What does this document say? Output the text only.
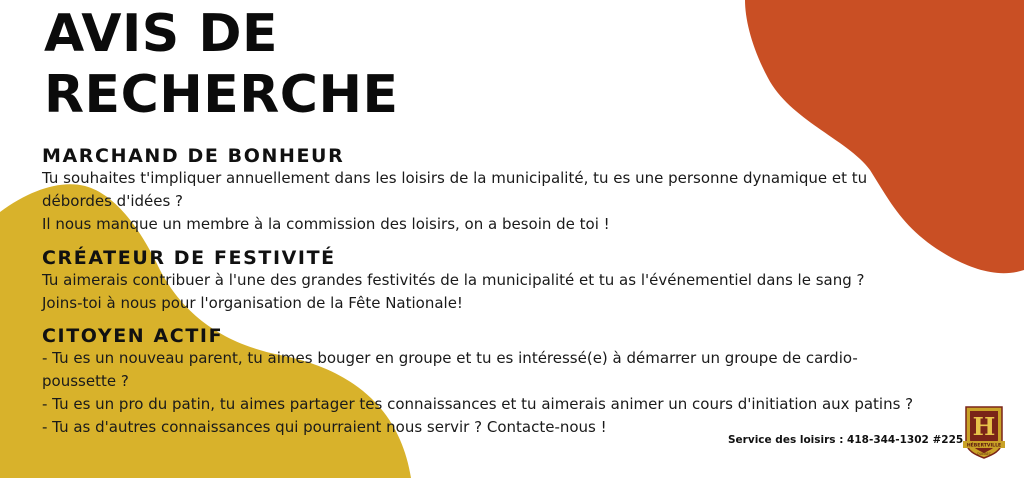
AVIS DE
RECHERCHE
MARCHAND DE BONHEUR

Tu souhaites t'impliquer annuellement dans les loisirs de la municipalité, tu es une personne dynamique et tu

débordes d'idées ?

Il nous manque un membre à la commission des loisirs, on a besoin de toi !

CRÉATEUR DE FESTIVITÉ

Tu aimerais contribuer à l'une des grandes festivités de la municipalité et tu as l'événementiel dans le sang ?

Joins-toi à nous pour l'organisation de la Fête Nationale!

CITOYEN ACTIF

- Tu es un nouveau parent, tu aimes bouger en groupe et tu es intéressé(e) à démarrer un groupe de cardio-

poussette ?

- Tu es un pro du patin, tu aimes partager tes connaissances et tu aimerais animer un cours d'initiation aux patins ?

- Tu as d'autres connaissances qui pourraient nous servir ? Contacte-nous !

Service des loisirs : 418-344-1302 #225 H
HÉBERTVILLE
QUÉBEC
